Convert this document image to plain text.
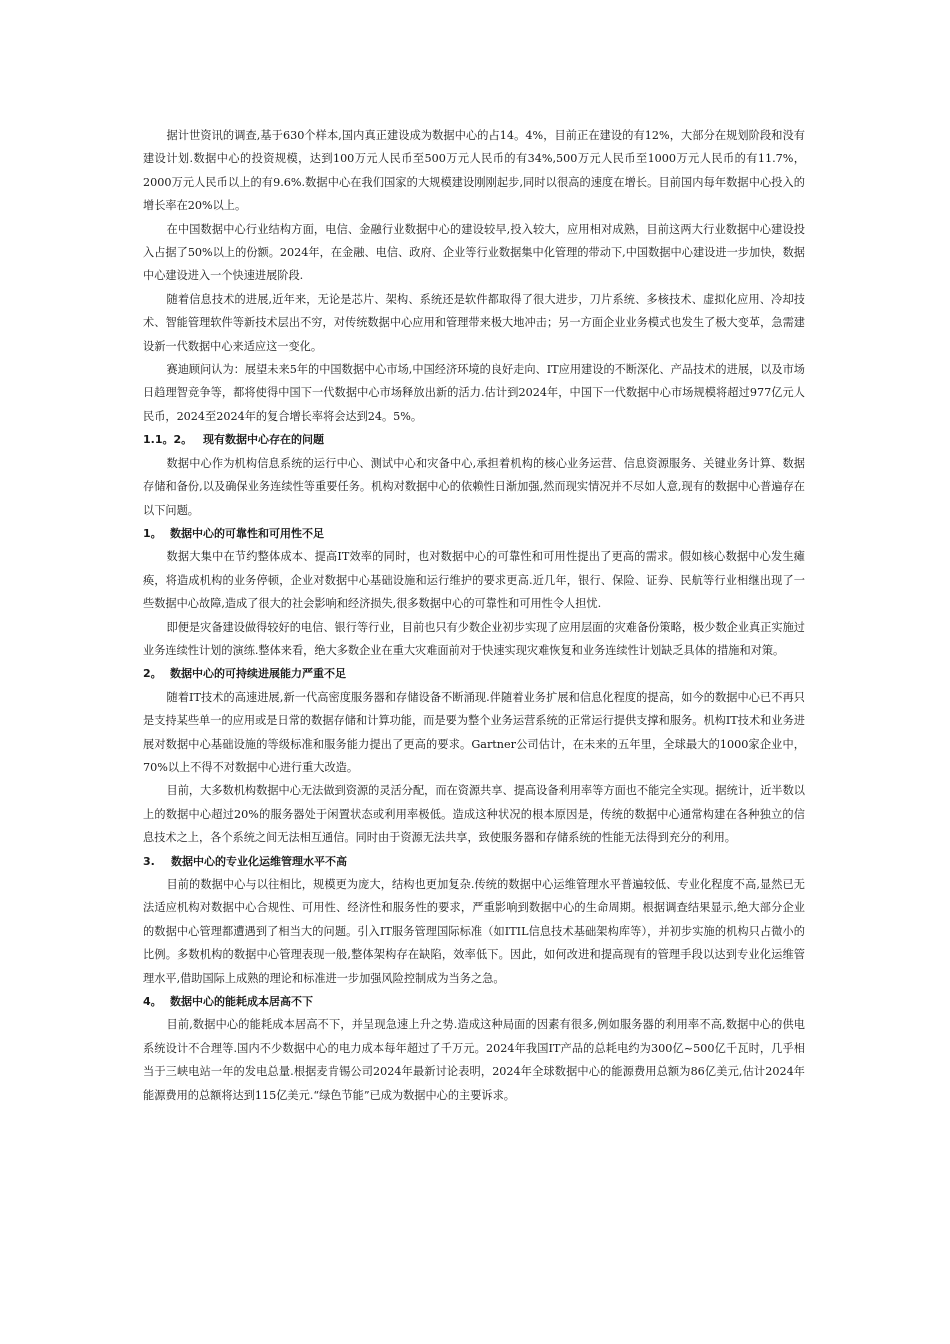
据计世资讯的调查,基于630个样本,国内真正建设成为数据中心的占14。4%，目前正在建设的有12%，大部分在规划阶段和没有建设计划.数据中心的投资规模，达到100万元人民币至500万元人民币的有34%,500万元人民币至1000万元人民币的有11.7%，2000万元人民币以上的有9.6%.数据中心在我们国家的大规模建设刚刚起步,同时以很高的速度在增长。目前国内每年数据中心投入的增长率在20%以上。

在中国数据中心行业结构方面，电信、金融行业数据中心的建设较早,投入较大，应用相对成熟，目前这两大行业数据中心建设投入占据了50%以上的份额。2024年，在金融、电信、政府、企业等行业数据集中化管理的带动下,中国数据中心建设进一步加快，数据中心建设进入一个快速进展阶段.

随着信息技术的进展,近年来，无论是芯片、架构、系统还是软件都取得了很大进步，刀片系统、多核技术、虚拟化应用、冷却技术、智能管理软件等新技术层出不穷，对传统数据中心应用和管理带来极大地冲击；另一方面企业业务模式也发生了极大变革，急需建设新一代数据中心来适应这一变化。

赛迪顾问认为：展望未来5年的中国数据中心市场,中国经济环境的良好走向、IT应用建设的不断深化、产品技术的进展，以及市场日趋理智竞争等，都将使得中国下一代数据中心市场释放出新的活力.估计到2024年，中国下一代数据中心市场规模将超过977亿元人民币，2024至2024年的复合增长率将会达到24。5%。

1.1。2。 现有数据中心存在的问题

数据中心作为机构信息系统的运行中心、测试中心和灾备中心,承担着机构的核心业务运营、信息资源服务、关键业务计算、数据存储和备份,以及确保业务连续性等重要任务。机构对数据中心的依赖性日渐加强,然而现实情况并不尽如人意,现有的数据中心普遍存在以下问题。

1。 数据中心的可靠性和可用性不足

数据大集中在节约整体成本、提高IT效率的同时，也对数据中心的可靠性和可用性提出了更高的需求。假如核心数据中心发生瘫痪，将造成机构的业务停顿，企业对数据中心基础设施和运行维护的要求更高.近几年，银行、保险、证券、民航等行业相继出现了一些数据中心故障,造成了很大的社会影响和经济损失,很多数据中心的可靠性和可用性令人担忧.

即便是灾备建设做得较好的电信、银行等行业，目前也只有少数企业初步实现了应用层面的灾难备份策略，极少数企业真正实施过业务连续性计划的演练.整体来看，绝大多数企业在重大灾难面前对于快速实现灾难恢复和业务连续性计划缺乏具体的措施和对策。

2。 数据中心的可持续进展能力严重不足

随着IT技术的高速进展,新一代高密度服务器和存储设备不断涌现.伴随着业务扩展和信息化程度的提高，如今的数据中心已不再只是支持某些单一的应用或是日常的数据存储和计算功能，而是要为整个业务运营系统的正常运行提供支撑和服务。机构IT技术和业务进展对数据中心基础设施的等级标准和服务能力提出了更高的要求。Gartner公司估计，在未来的五年里，全球最大的1000家企业中，70%以上不得不对数据中心进行重大改造。

目前，大多数机构数据中心无法做到资源的灵活分配，而在资源共享、提高设备利用率等方面也不能完全实现。据统计，近半数以上的数据中心超过20%的服务器处于闲置状态或利用率极低。造成这种状况的根本原因是，传统的数据中心通常构建在各种独立的信息技术之上，各个系统之间无法相互通信。同时由于资源无法共享，致使服务器和存储系统的性能无法得到充分的利用。

3. 数据中心的专业化运维管理水平不高

目前的数据中心与以往相比，规模更为庞大，结构也更加复杂.传统的数据中心运维管理水平普遍较低、专业化程度不高,显然已无法适应机构对数据中心合规性、可用性、经济性和服务性的要求，严重影响到数据中心的生命周期。根据调查结果显示,绝大部分企业的数据中心管理都遭遇到了相当大的问题。引入IT服务管理国际标准（如ITIL信息技术基础架构库等），并初步实施的机构只占微小的比例。多数机构的数据中心管理表现一般,整体架构存在缺陷，效率低下。因此，如何改进和提高现有的管理手段以达到专业化运维管理水平,借助国际上成熟的理论和标准进一步加强风险控制成为当务之急。

4。 数据中心的能耗成本居高不下

目前,数据中心的能耗成本居高不下，并呈现急速上升之势.造成这种局面的因素有很多,例如服务器的利用率不高,数据中心的供电系统设计不合理等.国内不少数据中心的电力成本每年超过了千万元。2024年我国IT产品的总耗电约为300亿~500亿千瓦时，几乎相当于三峡电站一年的发电总量.根据麦肯锡公司2024年最新讨论表明，2024年全球数据中心的能源费用总额为86亿美元,估计2024年能源费用的总额将达到115亿美元.“绿色节能”已成为数据中心的主要诉求。
